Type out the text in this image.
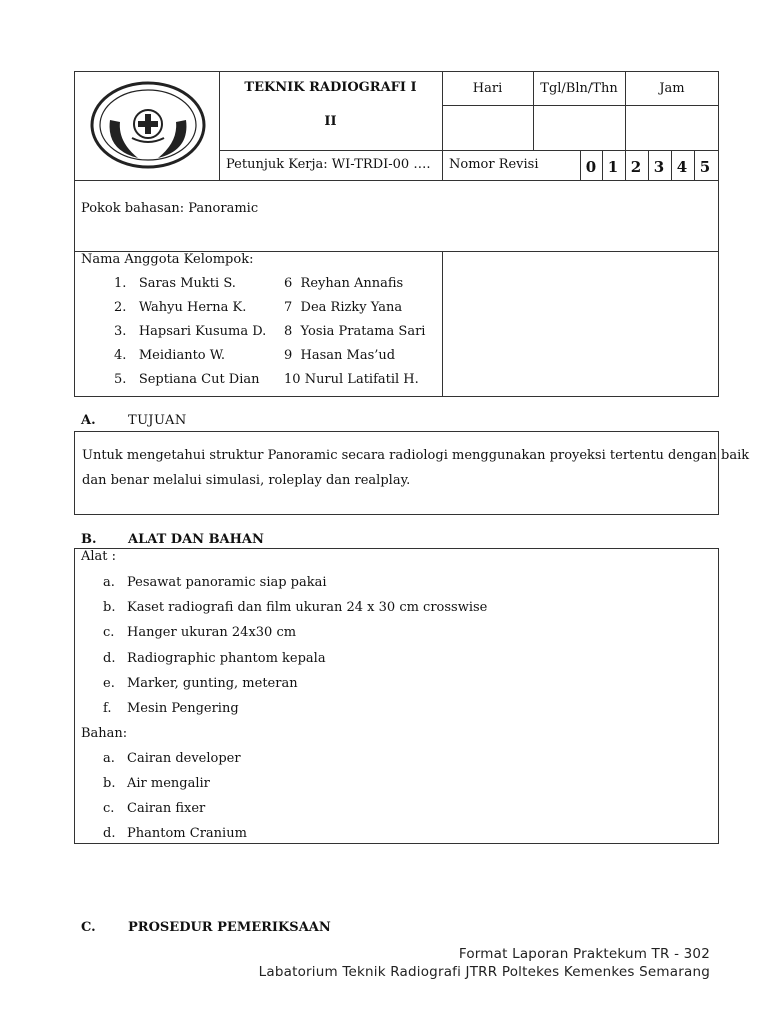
TEKNIK RADIOGRAFI I
II
Hari	Tgl/Bln/Thn	Jam
Petunjuk Kerja: WI-TRDI-00 …. Nomor Revisi	0 1 2 3 4 5
Pokok bahasan: Panoramic
Nama Anggota Kelompok:
1. Saras Mukti S.
2. Wahyu Herna K.
3. Hapsari Kusuma D.
4. Meidianto W.
5. Septiana Cut Dian
6 Reyhan Annafis
7 Dea Rizky Yana
8 Yosia Pratama Sari
9 Hasan Mas’ud
10 Nurul Latifatil H.
A. TUJUAN
Untuk mengetahui struktur Panoramic secara radiologi menggunakan proyeksi tertentu dengan baik
dan benar melalui simulasi, roleplay dan realplay.
B. ALAT DAN BAHAN
Alat :
a. Pesawat panoramic siap pakai
b. Kaset radiografi dan film ukuran 24 x 30 cm crosswise
c. Hanger ukuran 24x30 cm
d. Radiographic phantom kepala
e. Marker, gunting, meteran
f. Mesin Pengering
Bahan:
a. Cairan developer
b. Air mengalir
c. Cairan fixer
d. Phantom Cranium
C. PROSEDUR PEMERIKSAAN
Format Laporan Praktekum TR - 302
Labatorium Teknik Radiografi JTRR Poltekes Kemenkes Semarang
